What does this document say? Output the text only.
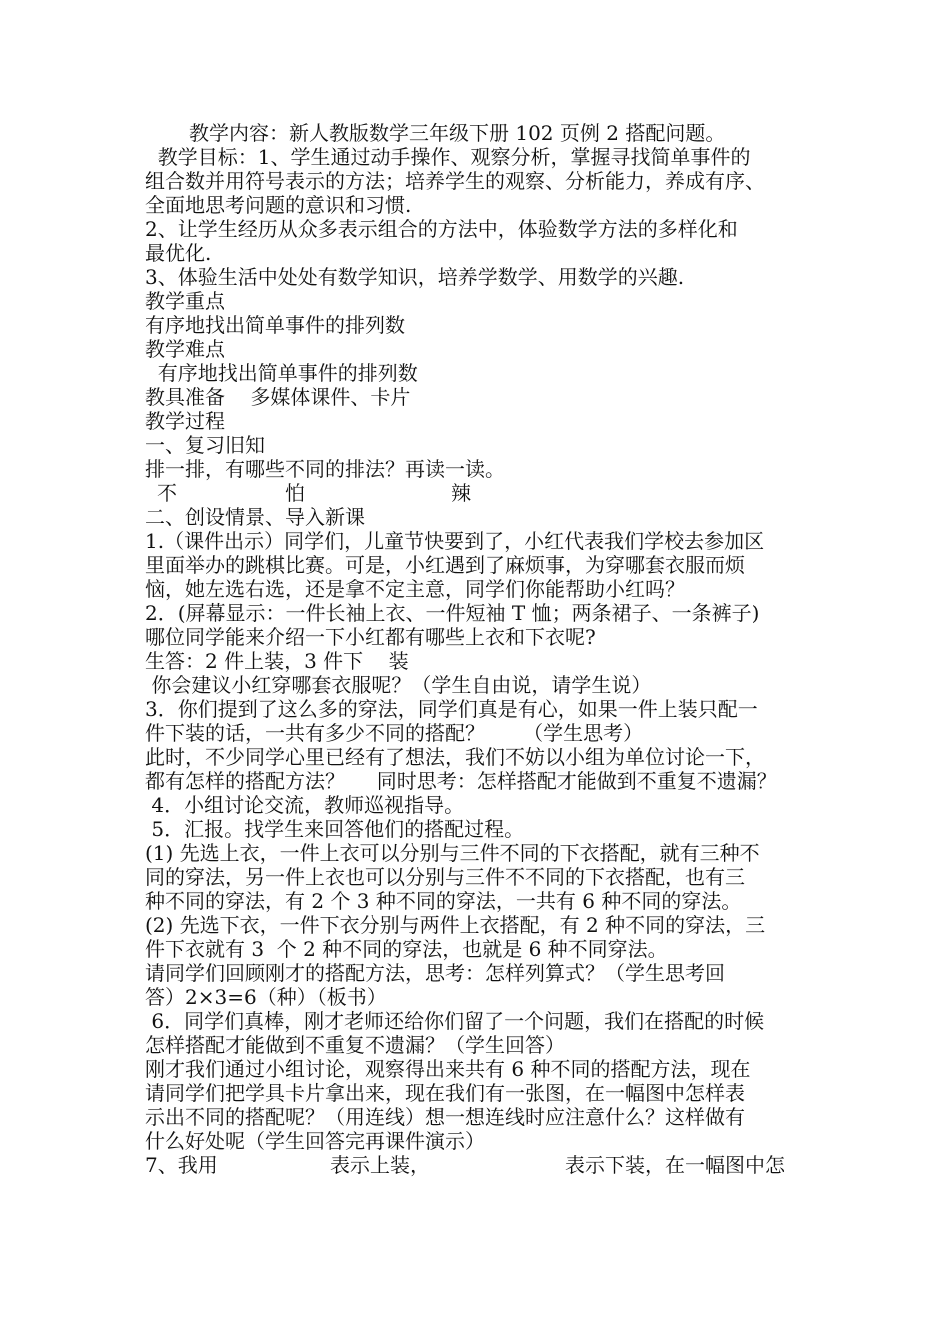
教学内容：新人教版数学三年级下册 102 页例 2 搭配问题。
教学目标：1、学生通过动手操作、观察分析，掌握寻找简单事件的
组合数并用符号表示的方法；培养学生的观察、分析能力，养成有序、
全面地思考问题的意识和习惯.
2、让学生经历从众多表示组合的方法中，体验数学方法的多样化和
最优化.
3、体验生活中处处有数学知识，培养学数学、用数学的兴趣.
教学重点
有序地找出简单事件的排列数
教学难点
有序地找出简单事件的排列数
教具准备    多媒体课件、卡片
教学过程
一、复习旧知
排一排，有哪些不同的排法？再读一读。
不	怕	辣
二、创设情景、导入新课
1.（课件出示）同学们，儿童节快要到了，小红代表我们学校去参加区
里面举办的跳棋比赛。可是，小红遇到了麻烦事，为穿哪套衣服而烦
恼，她左选右选，还是拿不定主意，同学们你能帮助小红吗？
2．(屏幕显示：一件长袖上衣、一件短袖 T 恤；两条裙子、一条裤子)
哪位同学能来介绍一下小红都有哪些上衣和下衣呢?
生答：2 件上装，3 件下    装
你会建议小红穿哪套衣服呢？（学生自由说，请学生说）
3．你们提到了这么多的穿法，同学们真是有心，如果一件上装只配一
件下装的话，一共有多少不同的搭配？      （学生思考）
此时，不少同学心里已经有了想法，我们不妨以小组为单位讨论一下，
都有怎样的搭配方法？     同时思考：怎样搭配才能做到不重复不遗漏？
4．小组讨论交流，教师巡视指导。
5．汇报。找学生来回答他们的搭配过程。
(1) 先选上衣，一件上衣可以分别与三件不同的下衣搭配，就有三种不
同的穿法，另一件上衣也可以分别与三件不不同的下衣搭配，也有三
种不同的穿法，有 2 个 3 种不同的穿法，一共有 6 种不同的穿法。
(2) 先选下衣，一件下衣分别与两件上衣搭配，有 2 种不同的穿法，三
件下衣就有 3  个 2 种不同的穿法，也就是 6 种不同穿法。
请同学们回顾刚才的搭配方法，思考：怎样列算式？（学生思考回
答）2×3=6（种）（板书）
6．同学们真棒，刚才老师还给你们留了一个问题，我们在搭配的时候
怎样搭配才能做到不重复不遗漏？（学生回答）
刚才我们通过小组讨论，观察得出来共有 6 种不同的搭配方法，现在
请同学们把学具卡片拿出来，现在我们有一张图，在一幅图中怎样表
示出不同的搭配呢？（用连线）想一想连线时应注意什么？这样做有
什么好处呢（学生回答完再课件演示）
7、我用	表示上装，	表示下装，在一幅图中怎
